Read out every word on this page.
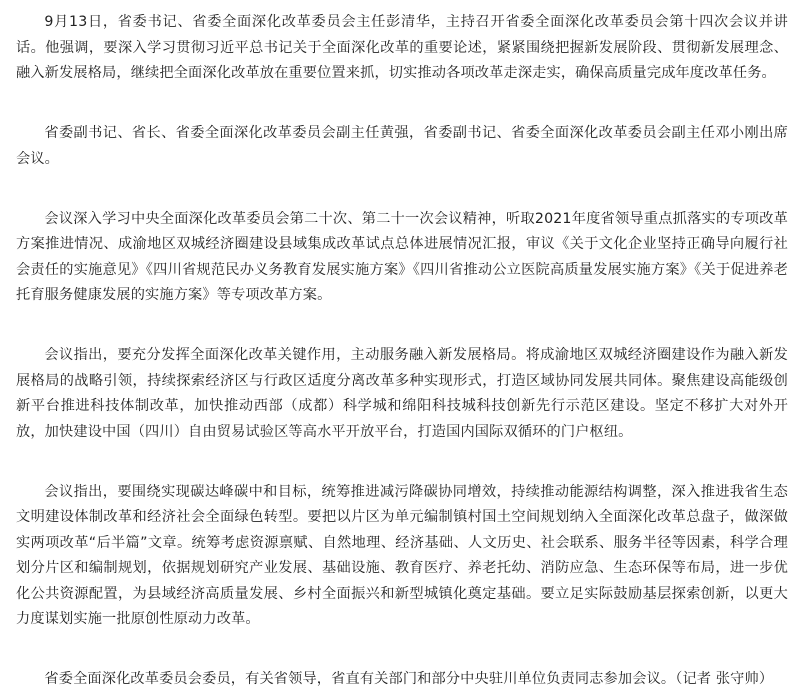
9月13日，省委书记、省委全面深化改革委员会主任彭清华，主持召开省委全面深化改革委员会第十四次会议并讲话。他强调，要深入学习贯彻习近平总书记关于全面深化改革的重要论述，紧紧围绕把握新发展阶段、贯彻新发展理念、融入新发展格局，继续把全面深化改革放在重要位置来抓，切实推动各项改革走深走实，确保高质量完成年度改革任务。

省委副书记、省长、省委全面深化改革委员会副主任黄强，省委副书记、省委全面深化改革委员会副主任邓小刚出席会议。

会议深入学习中央全面深化改革委员会第二十次、第二十一次会议精神，听取2021年度省领导重点抓落实的专项改革方案推进情况、成渝地区双城经济圈建设县域集成改革试点总体进展情况汇报，审议《关于文化企业坚持正确导向履行社会责任的实施意见》《四川省规范民办义务教育发展实施方案》《四川省推动公立医院高质量发展实施方案》《关于促进养老托育服务健康发展的实施方案》等专项改革方案。

会议指出，要充分发挥全面深化改革关键作用，主动服务融入新发展格局。将成渝地区双城经济圈建设作为融入新发展格局的战略引领，持续探索经济区与行政区适度分离改革多种实现形式，打造区域协同发展共同体。聚焦建设高能级创新平台推进科技体制改革，加快推动西部（成都）科学城和绵阳科技城科技创新先行示范区建设。坚定不移扩大对外开放，加快建设中国（四川）自由贸易试验区等高水平开放平台，打造国内国际双循环的门户枢纽。

会议指出，要围绕实现碳达峰碳中和目标，统筹推进减污降碳协同增效，持续推动能源结构调整，深入推进我省生态文明建设体制改革和经济社会全面绿色转型。要把以片区为单元编制镇村国土空间规划纳入全面深化改革总盘子，做深做实两项改革“后半篇”文章。统筹考虑资源禀赋、自然地理、经济基础、人文历史、社会联系、服务半径等因素，科学合理划分片区和编制规划，依据规划研究产业发展、基础设施、教育医疗、养老托幼、消防应急、生态环保等布局，进一步优化公共资源配置，为县域经济高质量发展、乡村全面振兴和新型城镇化奠定基础。要立足实际鼓励基层探索创新，以更大力度谋划实施一批原创性原动力改革。

省委全面深化改革委员会委员，有关省领导，省直有关部门和部分中央驻川单位负责同志参加会议。（记者 张守帅）
